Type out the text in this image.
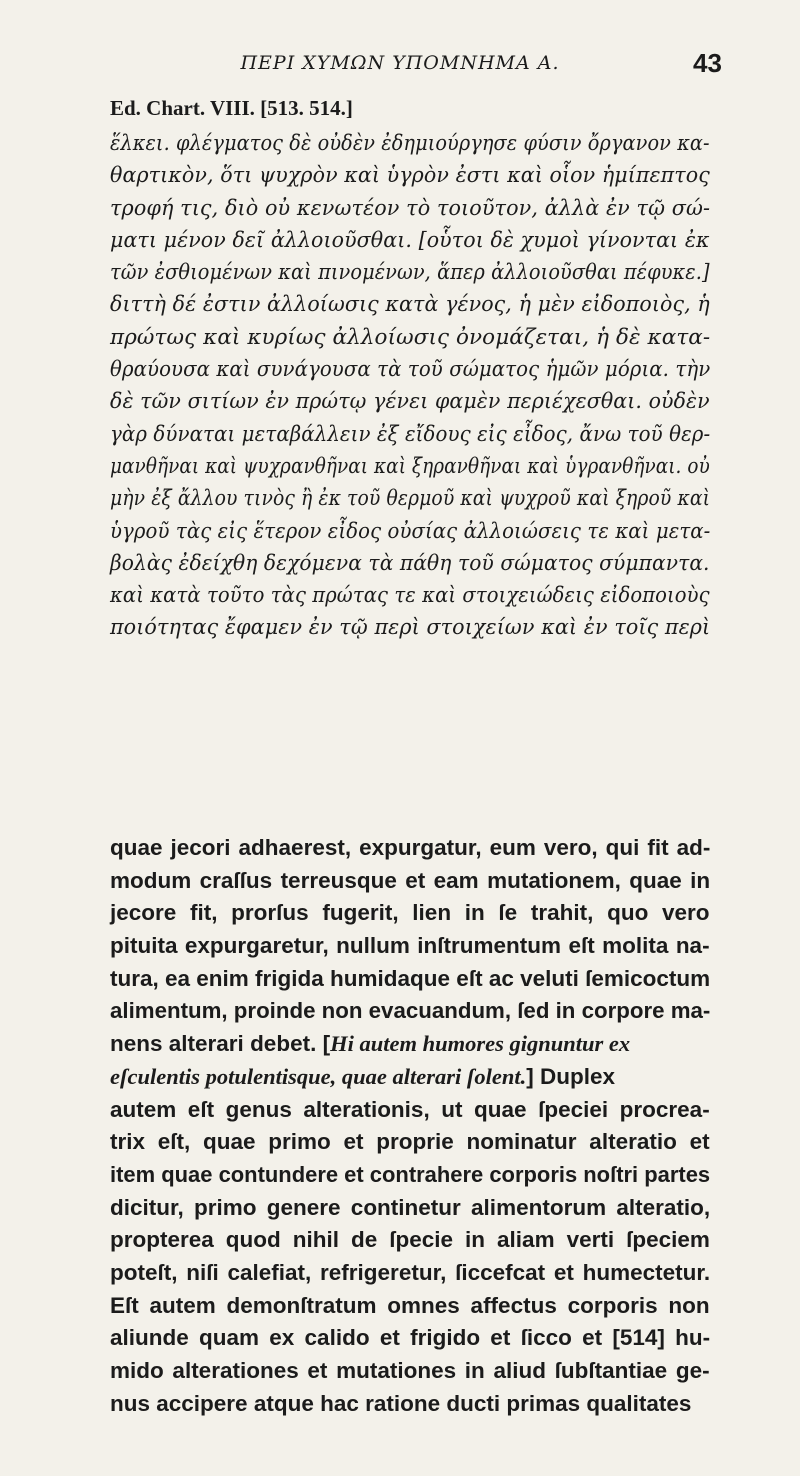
ΠΕΡΙ ΧΥΜΩΝ ΥΠΟΜΝΗΜΑ Α.	43
Ed. Chart. VIII. [513. 514.]
ἕλκει. φλέγματος δὲ οὐδὲν ἐδημιούργησε φύσιν ὄργανον κα-
θαρτικὸν, ὅτι ψυχρὸν καὶ ὑγρὸν ἐστι καὶ οἷον ἡμίπεπτος
τροφή τις, διὸ οὐ κενωτέον τὸ τοιοῦτον, ἀλλὰ ἐν τῷ σώ-
ματι μένον δεῖ ἀλλοιοῦσθαι. [οὗτοι δὲ χυμοὶ γίνονται ἐκ
τῶν ἐσθιομένων καὶ πινομένων, ἅπερ ἀλλοιοῦσθαι πέφυκε.]
διττὴ δέ ἐστιν ἀλλοίωσις κατὰ γένος, ἡ μὲν εἰδοποιὸς, ἡ
πρώτως καὶ κυρίως ἀλλοίωσις ὀνομάζεται, ἡ δὲ κατα-
θραύουσα καὶ συνάγουσα τὰ τοῦ σώματος ἡμῶν μόρια. τὴν
δὲ τῶν σιτίων ἐν πρώτῳ γένει φαμὲν περιέχεσθαι. οὐδὲν
γὰρ δύναται μεταβάλλειν ἐξ εἴδους εἰς εἶδος, ἄνω τοῦ θερ-
μανθῆναι καὶ ψυχρανθῆναι καὶ ξηρανθῆναι καὶ ὑγρανθῆναι. οὐ
μὴν ἐξ ἄλλου τινὸς ἢ ἐκ τοῦ θερμοῦ καὶ ψυχροῦ καὶ ξηροῦ καὶ
ὑγροῦ τὰς εἰς ἕτερον εἶδος οὐσίας ἀλλοιώσεις τε καὶ μετα-
βολὰς ἐδείχθη δεχόμενα τὰ πάθη τοῦ σώματος σύμπαντα.
καὶ κατὰ τοῦτο τὰς πρώτας τε καὶ στοιχειώδεις εἰδοποιοὺς
ποιότητας ἔφαμεν ἐν τῷ περὶ στοιχείων καὶ ἐν τοῖς περὶ
quae jecori adhaerest, expurgatur, eum vero, qui fit ad-
modum craſſus terreusque et eam mutationem, quae in
jecore fit, prorſus fugerit, lien in ſe trahit, quo vero
pituita expurgaretur, nullum inſtrumentum eſt molita na-
tura, ea enim frigida humidaque eſt ac veluti ſemicoctum
alimentum, proinde non evacuandum, ſed in corpore ma-
nens alterari debet. [Hi autem humores gignuntur ex
eſculentis potulentisque, quae alterari ſolent.] Duplex
autem eſt genus alterationis, ut quae ſpeciei procrea-
trix eſt, quae primo et proprie nominatur alteratio et
item quae contundere et contrahere corporis noſtri partes
dicitur, primo genere continetur alimentorum alteratio,
propterea quod nihil de ſpecie in aliam verti ſpeciem
poteſt, niſi calefiat, refrigeretur, ſiccefcat et humectetur.
Eſt autem demonſtratum omnes affectus corporis non
aliunde quam ex calido et frigido et ſicco et [514] hu-
mido alterationes et mutationes in aliud ſubſtantiae ge-
nus accipere atque hac ratione ducti primas qualitates
